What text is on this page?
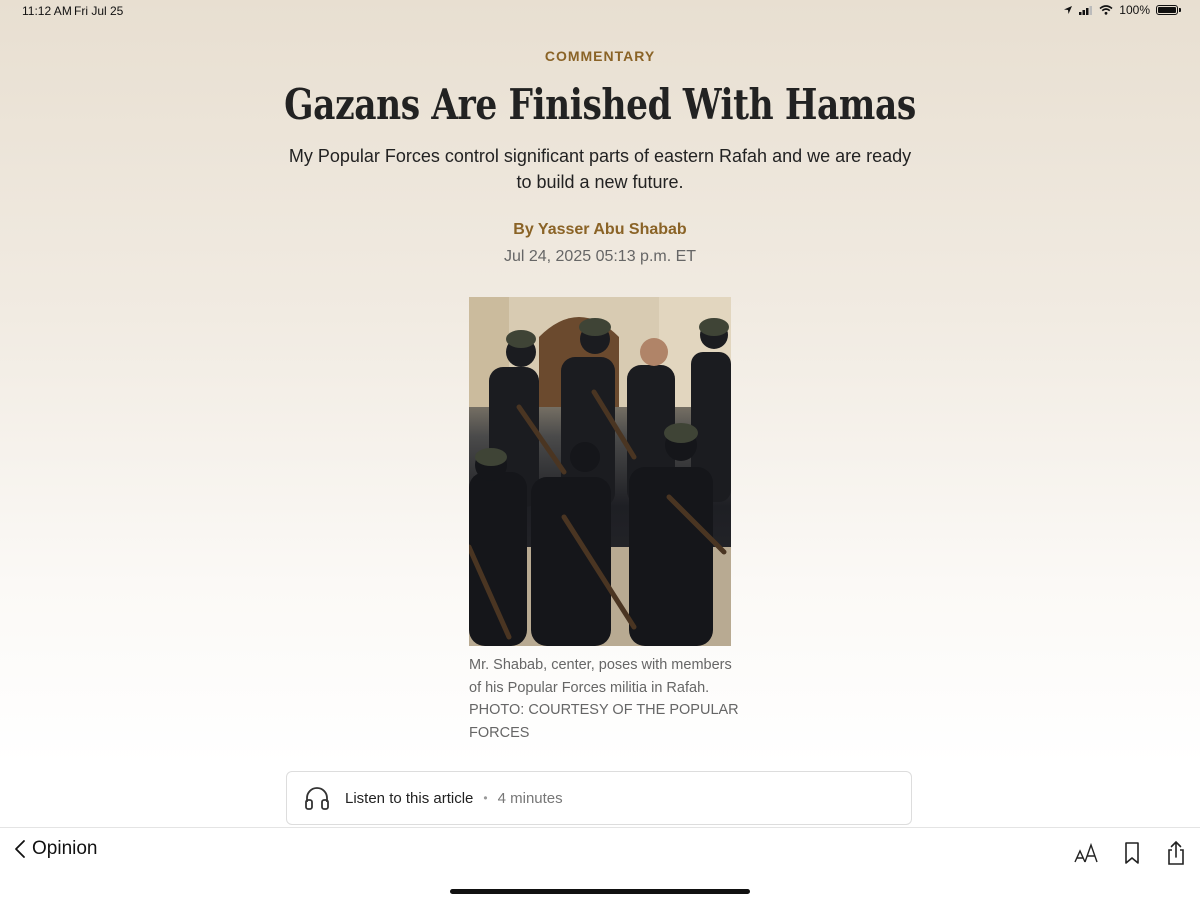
11:12 AM Fri Jul 25	100%
COMMENTARY
Gazans Are Finished With Hamas
My Popular Forces control significant parts of eastern Rafah and we are ready to build a new future.
By Yasser Abu Shabab
Jul 24, 2025 05:13 p.m. ET
Mr. Shabab, center, poses with members of his Popular Forces militia in Rafah. PHOTO: COURTESY OF THE POPULAR FORCES
Listen to this article • 4 minutes
Opinion
